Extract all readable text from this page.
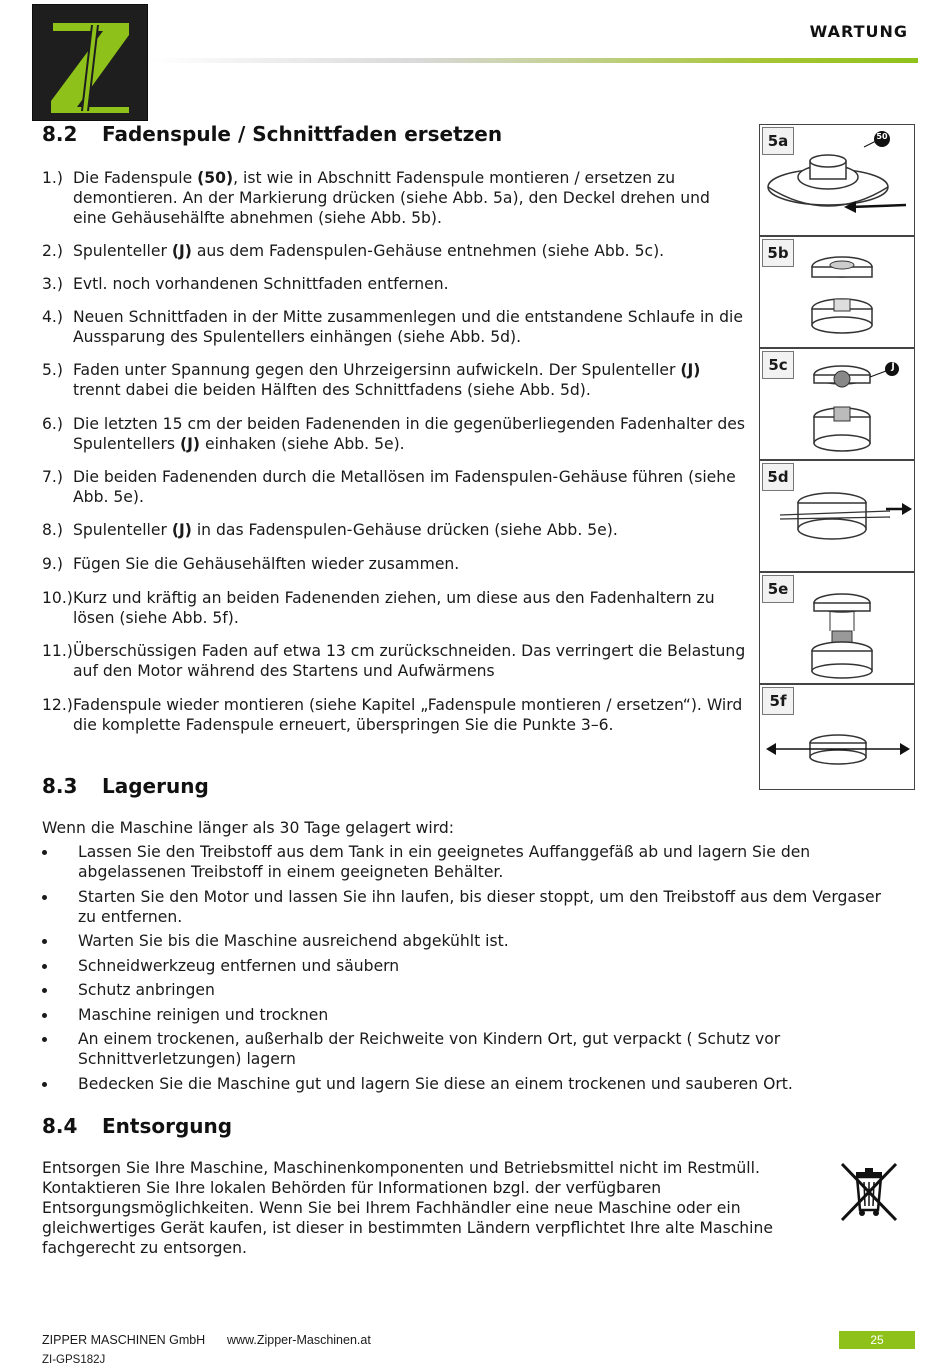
WARTUNG
8.2 Fadenspule / Schnittfaden ersetzen
1.) Die Fadenspule (50), ist wie in Abschnitt Fadenspule montieren / ersetzen zu demontieren. An der Markierung drücken (siehe Abb. 5a), den Deckel drehen und eine Gehäusehälfte abnehmen (siehe Abb. 5b).
2.) Spulenteller (J) aus dem Fadenspulen-Gehäuse entnehmen (siehe Abb. 5c).
3.) Evtl. noch vorhandenen Schnittfaden entfernen.
4.) Neuen Schnittfaden in der Mitte zusammenlegen und die entstandene Schlaufe in die Aussparung des Spulentellers einhängen (siehe Abb. 5d).
5.) Faden unter Spannung gegen den Uhrzeigersinn aufwickeln. Der Spulenteller (J) trennt dabei die beiden Hälften des Schnittfadens (siehe Abb. 5d).
6.) Die letzten 15 cm der beiden Fadenenden in die gegenüberliegenden Fadenhalter des Spulentellers (J) einhaken (siehe Abb. 5e).
7.) Die beiden Fadenenden durch die Metallösen im Fadenspulen-Gehäuse führen (siehe Abb. 5e).
8.) Spulenteller (J) in das Fadenspulen-Gehäuse drücken (siehe Abb. 5e).
9.) Fügen Sie die Gehäusehälften wieder zusammen.
10.) Kurz und kräftig an beiden Fadenenden ziehen, um diese aus den Fadenhaltern zu lösen (siehe Abb. 5f).
11.) Überschüssigen Faden auf etwa 13 cm zurückschneiden. Das verringert die Belastung auf den Motor während des Startens und Aufwärmens
12.) Fadenspule wieder montieren (siehe Kapitel „Fadenspule montieren / ersetzen“). Wird die komplette Fadenspule erneuert, überspringen Sie die Punkte 3–6.
5a	50
5b
5c	J
5d
5e
5f
8.3 Lagerung
Wenn die Maschine länger als 30 Tage gelagert wird:
Lassen Sie den Treibstoff aus dem Tank in ein geeignetes Auffanggefäß ab und lagern Sie den abgelassenen Treibstoff in einem geeigneten Behälter.
Starten Sie den Motor und lassen Sie ihn laufen, bis dieser stoppt, um den Treibstoff aus dem Vergaser zu entfernen.
Warten Sie bis die Maschine ausreichend abgekühlt ist.
Schneidwerkzeug entfernen und säubern
Schutz anbringen
Maschine reinigen und trocknen
An einem trockenen, außerhalb der Reichweite von Kindern Ort, gut verpackt ( Schutz vor Schnittverletzungen) lagern
Bedecken Sie die Maschine gut und lagern Sie diese an einem trockenen und sauberen Ort.
8.4 Entsorgung
Entsorgen Sie Ihre Maschine, Maschinenkomponenten und Betriebsmittel nicht im Restmüll. Kontaktieren Sie Ihre lokalen Behörden für Informationen bzgl. der verfügbaren Entsorgungsmöglichkeiten. Wenn Sie bei Ihrem Fachhändler eine neue Maschine oder ein gleichwertiges Gerät kaufen, ist dieser in bestimmten Ländern verpflichtet Ihre alte Maschine fachgerecht zu entsorgen.
ZIPPER MASCHINEN GmbH www.Zipper-Maschinen.at
ZI-GPS182J
25
